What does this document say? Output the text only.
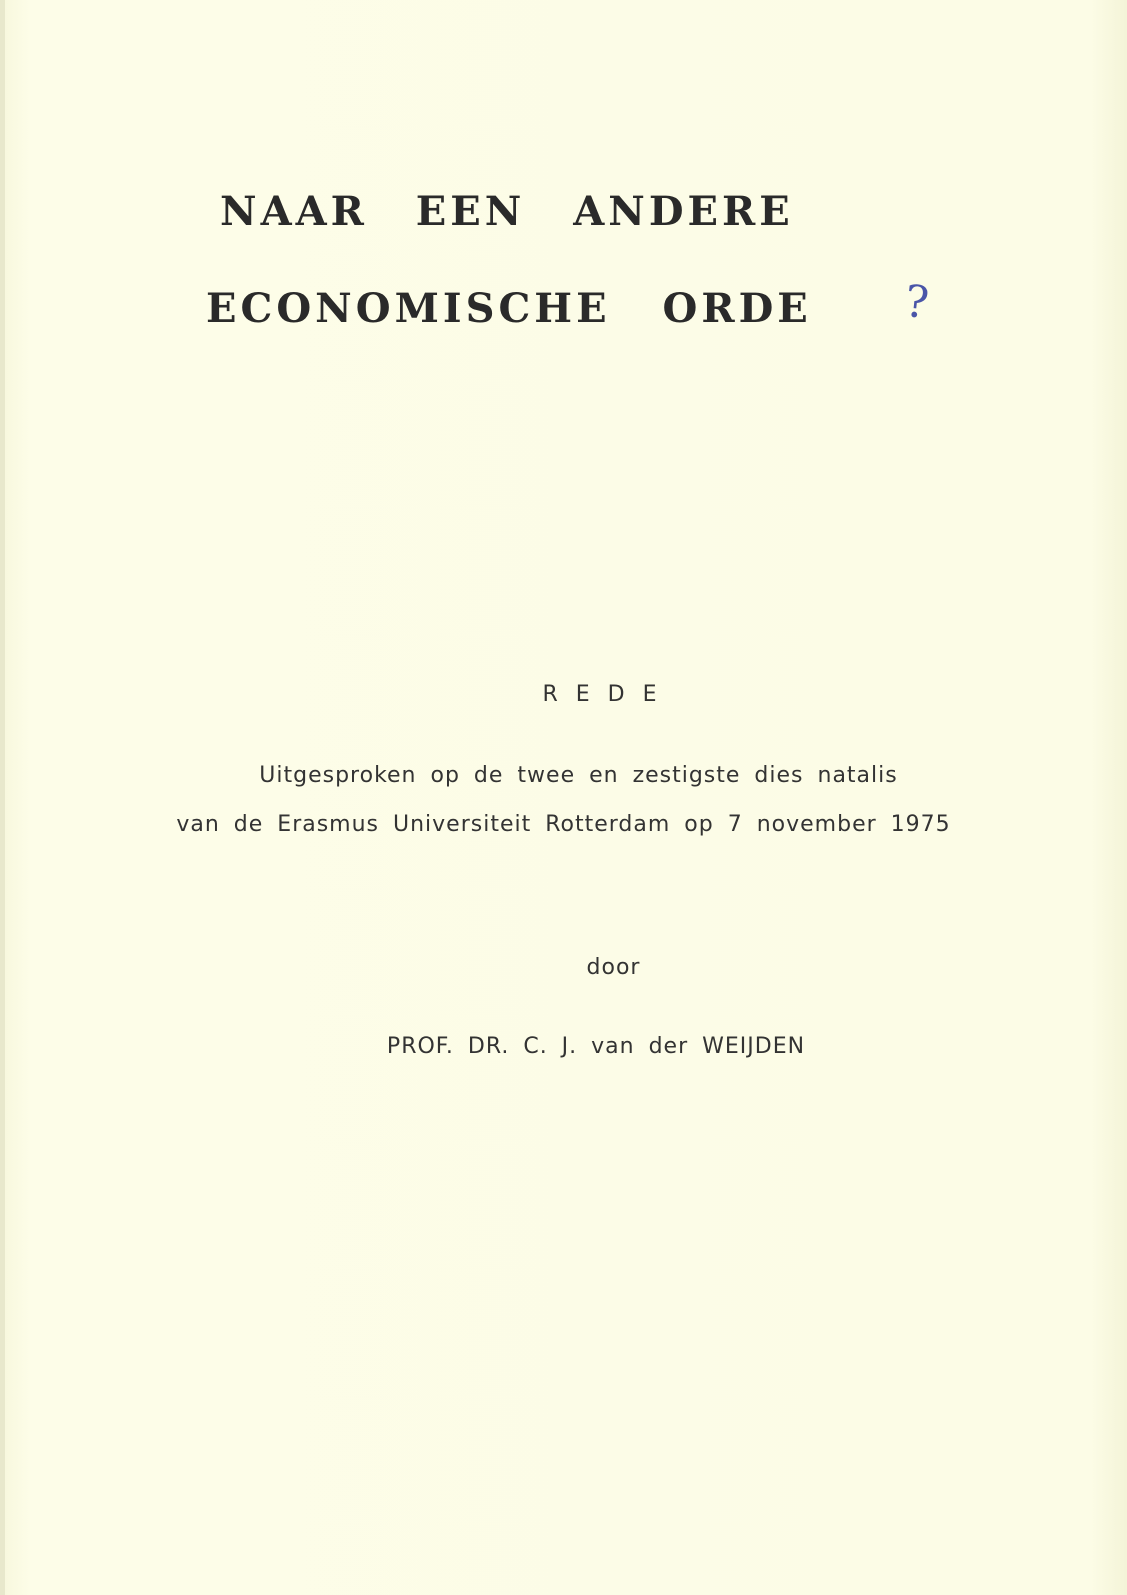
NAAR EEN ANDERE
ECONOMISCHE ORDE	?
REDE
Uitgesproken op de twee en zestigste dies natalis
van de Erasmus Universiteit Rotterdam op 7 november 1975
door
PROF. DR. C. J. van der WEIJDEN
